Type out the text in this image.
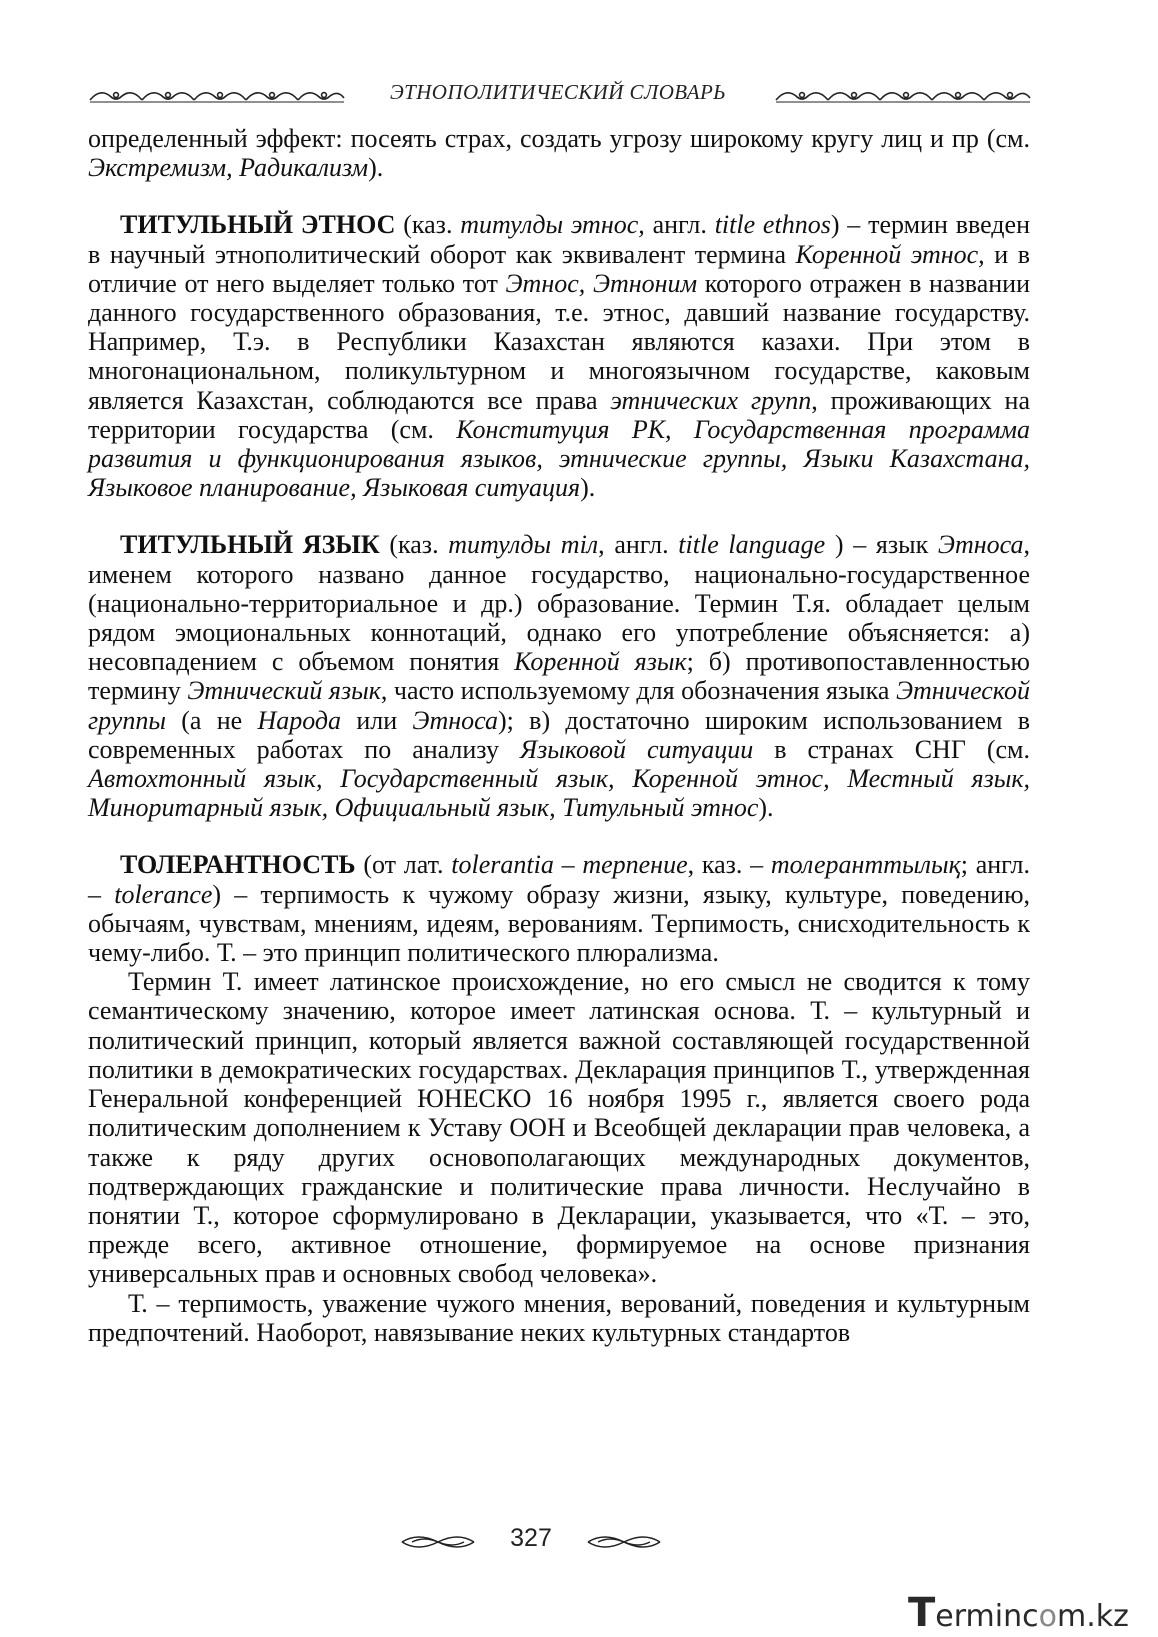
ЭТНОПОЛИТИЧЕСКИЙ СЛОВАРЬ

определенный эффект: посеять страх, создать угрозу широкому кругу лиц и пр (см. Экстремизм, Радикализм).

ТИТУЛЬНЫЙ ЭТНОС (каз. титулды этнос, англ. title ethnos) – термин введен в научный этнополитический оборот как эквивалент термина Коренной этнос, и в отличие от него выделяет только тот Этнос, Этноним которого отражен в названии данного государственного образования, т.е. этнос, давший название государству. Например, Т.э. в Республики Казахстан являются казахи. При этом в многонациональном, поликультурном и многоязычном государстве, каковым является Казахстан, соблюдаются все права этнических групп, проживающих на территории государства (см. Конституция РК, Государственная программа развития и функционирования языков, этнические группы, Языки Казахстана, Языковое планирование, Языковая ситуация).

ТИТУЛЬНЫЙ ЯЗЫК (каз. титулды тіл, англ. title language ) – язык Этноса, именем которого названо данное государство, национально-государственное (национально-территориальное и др.) образование. Термин Т.я. обладает целым рядом эмоциональных коннотаций, однако его употребление объясняется: а) несовпадением с объемом понятия Коренной язык; б) противопоставленностью термину Этнический язык, часто используемому для обозначения языка Этнической группы (а не Народа или Этноса); в) достаточно широким использованием в современных работах по анализу Языковой ситуации в странах СНГ (см. Автохтонный язык, Государственный язык, Коренной этнос, Местный язык, Миноритарный язык, Официальный язык, Титульный этнос).

ТОЛЕРАНТНОСТЬ (от лат. tolerantia – терпение, каз. – толеранттылық; англ. – tolerance) – терпимость к чужому образу жизни, языку, культуре, поведению, обычаям, чувствам, мнениям, идеям, верованиям. Терпимость, снисходительность к чему-либо. Т. – это принцип политического плюрализма.

Термин Т. имеет латинское происхождение, но его смысл не сводится к тому семантическому значению, которое имеет латинская основа. Т. – культурный и политический принцип, который является важной составляющей государственной политики в демократических государствах. Декларация принципов Т., утвержденная Генеральной конференцией ЮНЕСКО 16 ноября 1995 г., является своего рода политическим дополнением к Уставу ООН и Всеобщей декларации прав человека, а также к ряду других основополагающих международных документов, подтверждающих гражданские и политические права личности. Неслучайно в понятии Т., которое сформулировано в Декларации, указывается, что «Т. – это, прежде всего, активное отношение, формируемое на основе признания универсальных прав и основных свобод человека».

Т. – терпимость, уважение чужого мнения, верований, поведения и культурным предпочтений. Наоборот, навязывание неких культурных стандартов

327
Termincom.kz
